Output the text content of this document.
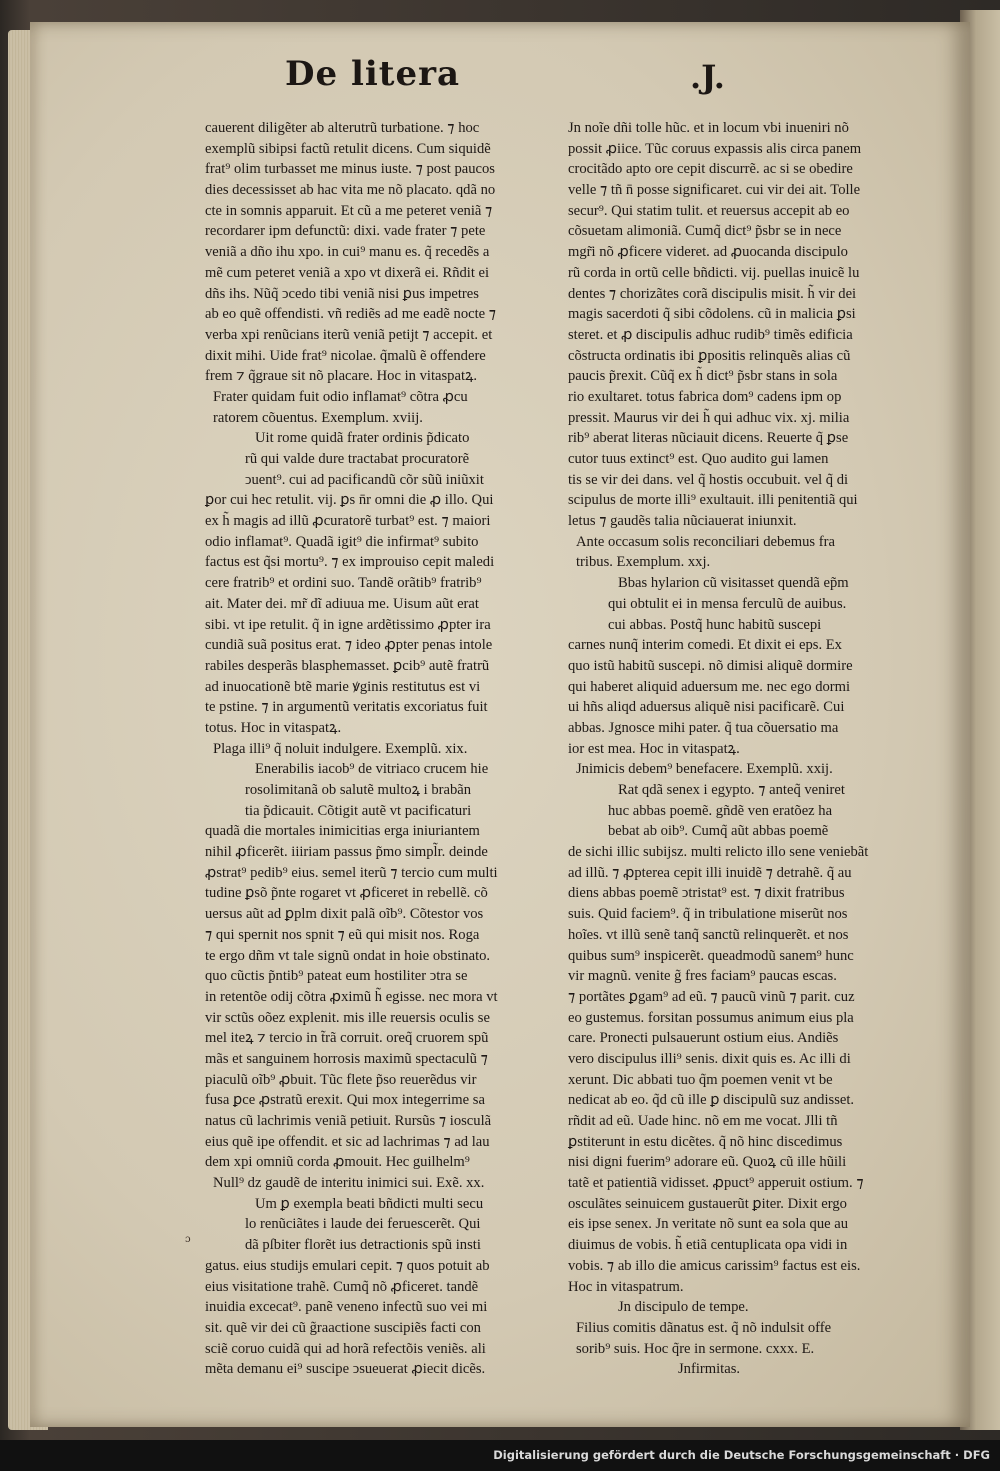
De litera	.J.
cauerent diligẽter ab alterutrũ turbatione. ⁊ hoc
exemplũ sibipsi factũ retulit dicens. Cum siquidẽ
frat⁹ olim turbasset me minus iuste. ⁊ post paucos
dies decessisset ab hac vita me nõ placato. qdã no
cte in somnis apparuit. Et cũ a me peteret veniã ⁊
recordarer ipm defunctũ: dixi. vade frater ⁊ pete
veniã a dño ihu xpo. in cui⁹ manu es. q̃ recedẽs a
mẽ cum peteret veniã a xpo vt dixerã ei. Rñdit ei
dñs ihs. Nũq̃ ↄcedo tibi veniã nisi ꝑus impetres
ab eo quẽ offendisti. vñ rediẽs ad me eadẽ nocte ⁊
verba xpi renũcians iterũ veniã petijt ⁊ accepit. et
dixit mihi. Uide frat⁹ nicolae. q̃malũ ẽ offendere
frem ⁊ q̃graue sit nõ placare. Hoc in vitaspatꝝ.
Frater quidam fuit odio inflamat⁹ cõtra ꝓcu
ratorem cõuentus. Exemplum. xviij.
Uit rome quidã frater ordinis p̃dicato
rũ qui valde dure tractabat procuratorẽ
ↄuent⁹. cui ad pacificandũ cõr sũũ iniũxit
ꝑor cui hec retulit. vij. ꝑs n̄r omni die ꝓ illo. Qui
ex h̃ magis ad illũ ꝓcuratorẽ turbat⁹ est. ⁊ maiori
odio inflamat⁹. Quadã igit⁹ die infirmat⁹ subito
factus est q̃si mortu⁹. ⁊ ex improuiso cepit maledi
cere fratrib⁹ et ordini suo. Tandẽ orãtib⁹ fratrib⁹
ait. Mater dei. mr̃ dĩ adiuua me. Uisum aũt erat
sibi. vt ipe retulit. q̃ in igne ardẽtissimo ꝓpter ira
cundiã suã positus erat. ⁊ ideo ꝓpter penas intole
rabiles desperãs blasphemasset. ꝑcib⁹ autẽ fratrũ
ad inuocationẽ btẽ marie ꝟginis restitutus est vi
te pstine. ⁊ in argumentũ veritatis excoriatus fuit
totus. Hoc in vitaspatꝝ.
Plaga illi⁹ q̃ noluit indulgere. Exemplũ. xix.
Enerabilis iacob⁹ de vitriaco crucem hie
rosolimitanã ob salutẽ multoꝝ i brabãn
tia p̃dicauit. Cõtigit autẽ vt pacificaturi
quadã die mortales inimicitias erga iniuriantem
nihil ꝓficerẽt. iiiriam passus p̃mo simpl̃r. deinde
ꝓstrat⁹ pedib⁹ eius. semel iterũ ⁊ tercio cum multi
tudine ꝑsõ p̃nte rogaret vt ꝓficeret in rebellẽ. cõ
uersus aũt ad ꝑplm dixit palã oĩb⁹. Cõtestor vos
⁊ qui spernit nos spnit ⁊ eũ qui misit nos. Roga
te ergo dñm vt tale signũ ondat in hoie obstinato.
quo cũctis p̃ntib⁹ pateat eum hostiliter ↄtra se
in retentõe odij cõtra ꝓximũ h̃ egisse. nec mora vt
vir sctũs oõez explenit. mis ille reuersis oculis se
mel iteꝝ ⁊ tercio in t̃rã corruit. oreq̃ cruorem spũ
mãs et sanguinem horrosis maximũ spectaculũ ⁊
piaculũ oĩb⁹ ꝓbuit. Tũc flete p̃so reuerẽdus vir
fusa ꝑce ꝓstratũ erexit. Qui mox integerrime sa
natus cũ lachrimis veniã petiuit. Rursũs ⁊ iosculã
eius quẽ ipe offendit. et sic ad lachrimas ⁊ ad lau
dem xpi omniũ corda ꝓmouit. Hec guilhelm⁹
Null⁹ dz gaudẽ de interitu inimici sui. Exẽ. xx.
Um ꝑ exempla beati bñdicti multi secu
lo renũciãtes i laude dei feruescerẽt. Qui
dã pſbiter florẽt ius detractionis spũ insti
gatus. eius studijs emulari cepit. ⁊ quos potuit ab
eius visitatione trahẽ. Cumq̃ nõ ꝓficeret. tandẽ
inuidia excecat⁹. panẽ veneno infectũ suo vei mi
sit. quẽ vir dei cũ g̃raactione suscipiẽs facti con
sciẽ coruo cuidã qui ad horã refectõis veniẽs. ali
mẽta demanu ei⁹ suscipe ↄsueuerat ꝓiecit dicẽs.
Jn noĩe dñi tolle hũc. et in locum vbi inueniri nõ
possit ꝓiice. Tũc coruus expassis alis circa panem
crocitãdo apto ore cepit discurrẽ. ac si se obedire
velle ⁊ tñ n̄ posse significaret. cui vir dei ait. Tolle
secur⁹. Qui statim tulit. et reuersus accepit ab eo
cõsuetam alimoniã. Cumq̃ dict⁹ p̃sbr se in nece
mgr̃i nõ ꝓficere videret. ad ꝓuocanda discipulo
rũ corda in ortũ celle bñdicti. vij. puellas inuicẽ lu
dentes ⁊ chorizãtes corã discipulis misit. h̃ vir dei
magis sacerdoti q̃ sibi cõdolens. cũ in malicia ꝑsi
steret. et ꝓ discipulis adhuc rudib⁹ timẽs edificia
cõstructa ordinatis ibi ꝑpositis relinquẽs alias cũ
paucis p̃rexit. Cũq̃ ex h̃ dict⁹ p̃sbr stans in sola
rio exultaret. totus fabrica dom⁹ cadens ipm op
pressit. Maurus vir dei h̃ qui adhuc vix. xj. milia
rib⁹ aberat literas nũciauit dicens. Reuerte q̃ ꝑse
cutor tuus extinct⁹ est. Quo audito gui lamen
tis se vir dei dans. vel q̃ hostis occubuit. vel q̃ di
scipulus de morte illi⁹ exultauit. illi penitentiã qui
letus ⁊ gaudẽs talia nũciauerat iniunxit.
Ante occasum solis reconciliari debemus fra
tribus. Exemplum. xxj.
Bbas hylarion cũ visitasset quendã ep̃m
qui obtulit ei in mensa ferculũ de auibus.
cui abbas. Postq̃ hunc habitũ suscepi
carnes nunq̃ interim comedi. Et dixit ei eps. Ex
quo istũ habitũ suscepi. nõ dimisi aliquẽ dormire
qui haberet aliquid aduersum me. nec ego dormi
ui hñs aliqd aduersus aliquẽ nisi pacificarẽ. Cui
abbas. Jgnosce mihi pater. q̃ tua cõuersatio ma
ior est mea. Hoc in vitaspatꝝ.
Jnimicis debem⁹ benefacere. Exemplũ. xxij.
Rat qdã senex i egypto. ⁊ anteq̃ veniret
huc abbas poemẽ. gñdẽ ven eratõez ha
bebat ab oib⁹. Cumq̃ aũt abbas poemẽ
de sichi illic subijsz. multi relicto illo sene veniebãt
ad illũ. ⁊ ꝓpterea cepit illi inuidẽ ⁊ detrahẽ. q̃ au
diens abbas poemẽ ↄtristat⁹ est. ⁊ dixit fratribus
suis. Quid faciem⁹. q̃ in tribulatione miserũt nos
hoĩes. vt illũ senẽ tanq̃ sanctũ relinquerẽt. et nos
quibus sum⁹ inspicerẽt. queadmodũ sanem⁹ hunc
vir magnũ. venite g̃ fres faciam⁹ paucas escas.
⁊ portãtes ꝑgam⁹ ad eũ. ⁊ paucũ vinũ ⁊ parit. cuz
eo gustemus. forsitan possumus animum eius pla
care. Pronecti pulsauerunt ostium eius. Andiẽs
vero discipulus illi⁹ senis. dixit quis es. Ac illi di
xerunt. Dic abbati tuo q̃m poemen venit vt be
nedicat ab eo. q̃d cũ ille ꝑ discipulũ suz andisset.
rñdit ad eũ. Uade hinc. nõ em me vocat. Jlli tñ
ꝑstiterunt in estu dicẽtes. q̃ nõ hinc discedimus
nisi digni fuerim⁹ adorare eũ. Quoꝝ cũ ille hũili
tatẽ et patientiã vidisset. ꝓpuct⁹ apperuit ostium. ⁊
osculãtes seinuicem gustauerũt ꝑiter. Dixit ergo
eis ipse senex. Jn veritate nõ sunt ea sola que au
diuimus de vobis. h̃ etiã centuplicata opa vidi in
vobis. ⁊ ab illo die amicus carissim⁹ factus est eis.
Hoc in vitaspatrum.
Jn discipulo de tempe.
Filius comitis dãnatus est. q̃ nõ indulsit offe
sorib⁹ suis. Hoc q̃re in sermone. cxxx. E.
Jnfirmitas.
ɔ
Digitalisierung gefördert durch die Deutsche Forschungsgemeinschaft · DFG
